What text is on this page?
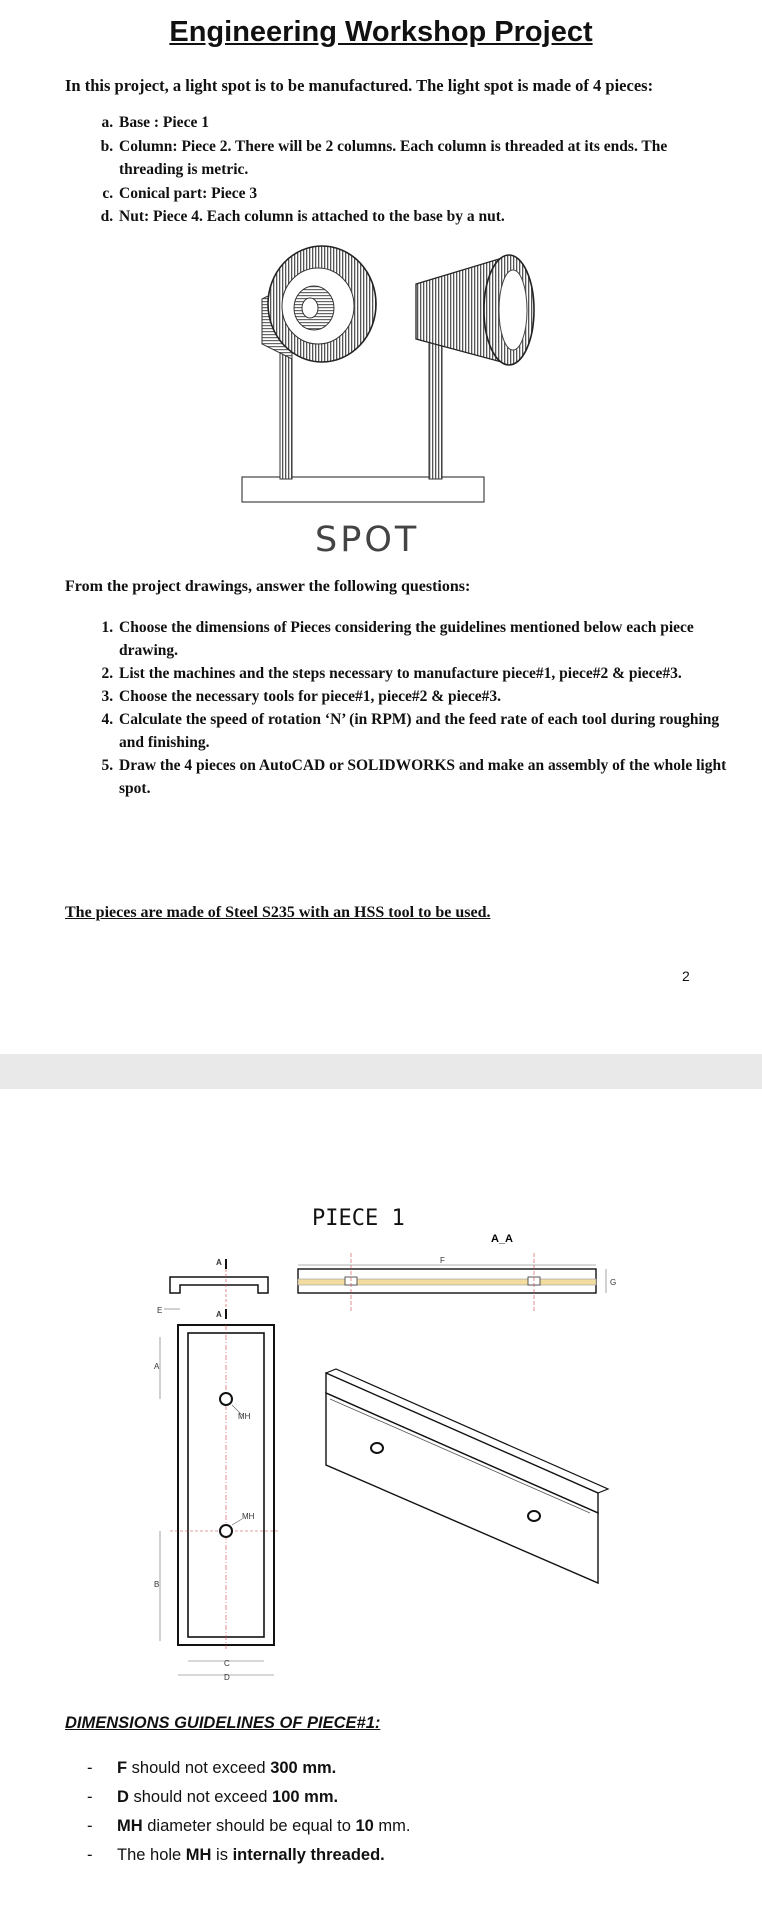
Engineering Workshop Project
In this project, a light spot is to be manufactured. The light spot is made of 4 pieces:
a. Base : Piece 1
b. Column: Piece 2. There will be 2 columns. Each column is threaded at its ends. The threading is metric.
c. Conical part: Piece 3
d. Nut: Piece 4. Each column is attached to the base by a nut.
SPOT
From the project drawings, answer the following questions:
1. Choose the dimensions of Pieces considering the guidelines mentioned below each piece drawing.
2. List the machines and the steps necessary to manufacture piece#1, piece#2 & piece#3.
3. Choose the necessary tools for piece#1, piece#2 & piece#3.
4. Calculate the speed of rotation ‘N’ (in RPM) and the feed rate of each tool during roughing and finishing.
5. Draw the 4 pieces on AutoCAD or SOLIDWORKS and make an assembly of the whole light spot.
The pieces are made of Steel S235 with an HSS tool to be used.
2
PIECE 1
A_A
A
A
E
MH
MH
A
B
C
D
F
G
DIMENSIONS GUIDELINES OF PIECE#1:
- F should not exceed 300 mm.
- D should not exceed 100 mm.
- MH diameter should be equal to 10 mm.
- The hole MH is internally threaded.
